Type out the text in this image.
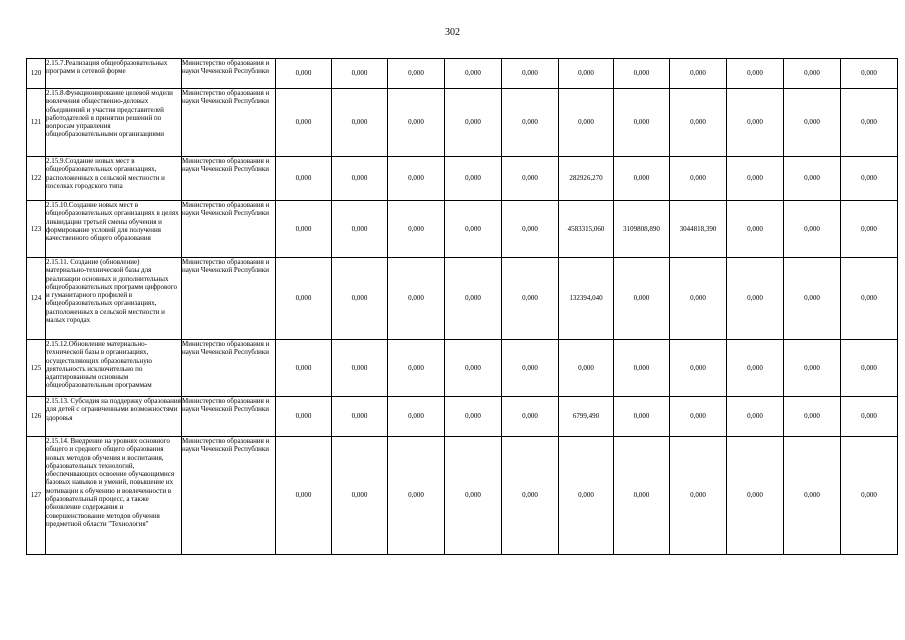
302
120	2.15.7.Реализация общеобразовательных программ в сетевой форме	Министерство образования и науки Чеченской Республики	0,000	0,000	0,000	0,000	0,000	0,000	0,000	0,000	0,000	0,000	0,000
121	2.15.8.Функционирование целевой модели вовлечения общественно-деловых объединений и участия представителей работодателей в принятии решений по вопросам управления общеобразовательными организациями	Министерство образования и науки Чеченской Республики	0,000	0,000	0,000	0,000	0,000	0,000	0,000	0,000	0,000	0,000	0,000
122	2.15.9.Создание новых мест в общеобразовательных организациях, расположенных в сельской местности и поселках городского типа	Министерство образования и науки Чеченской Республики	0,000	0,000	0,000	0,000	0,000	282926,270	0,000	0,000	0,000	0,000	0,000
123	2.15.10.Создание новых мест в общеобразовательных организациях в целях ликвидации третьей смены обучения и формирование условий для получения качественного общего образования	Министерство образования и науки Чеченской Республики	0,000	0,000	0,000	0,000	0,000	4583315,060	3109808,890	3044818,390	0,000	0,000	0,000
124	2.15.11. Создание (обновление) материально-технической базы для реализации основных и дополнительных общеобразовательных программ цифрового и гуманитарного профилей в общеобразовательных организациях, расположенных в сельской местности и малых городах	Министерство образования и науки Чеченской Республики	0,000	0,000	0,000	0,000	0,000	132394,040	0,000	0,000	0,000	0,000	0,000
125	2.15.12.Обновление материально-технической базы в организациях, осуществляющих образовательную деятельность исключительно по адаптированным основным общеобразовательным программам	Министерство образования и науки Чеченской Республики	0,000	0,000	0,000	0,000	0,000	0,000	0,000	0,000	0,000	0,000	0,000
126	2.15.13. Субсидия на поддержку образования для детей с ограниченными возможностями здоровья	Министерство образования и науки Чеченской Республики	0,000	0,000	0,000	0,000	0,000	6799,490	0,000	0,000	0,000	0,000	0,000
127	2.15.14. Внедрение на уровнях основного общего и среднего общего образования новых методов обучения и воспитания, образовательных технологий, обеспечивающих освоение обучающимися базовых навыков и умений, повышение их мотивации к обучению и вовлеченности в образовательный процесс, а также обновление содержания и совершенствование методов обучения предметной области "Технология"	Министерство образования и науки Чеченской Республики	0,000	0,000	0,000	0,000	0,000	0,000	0,000	0,000	0,000	0,000	0,000
